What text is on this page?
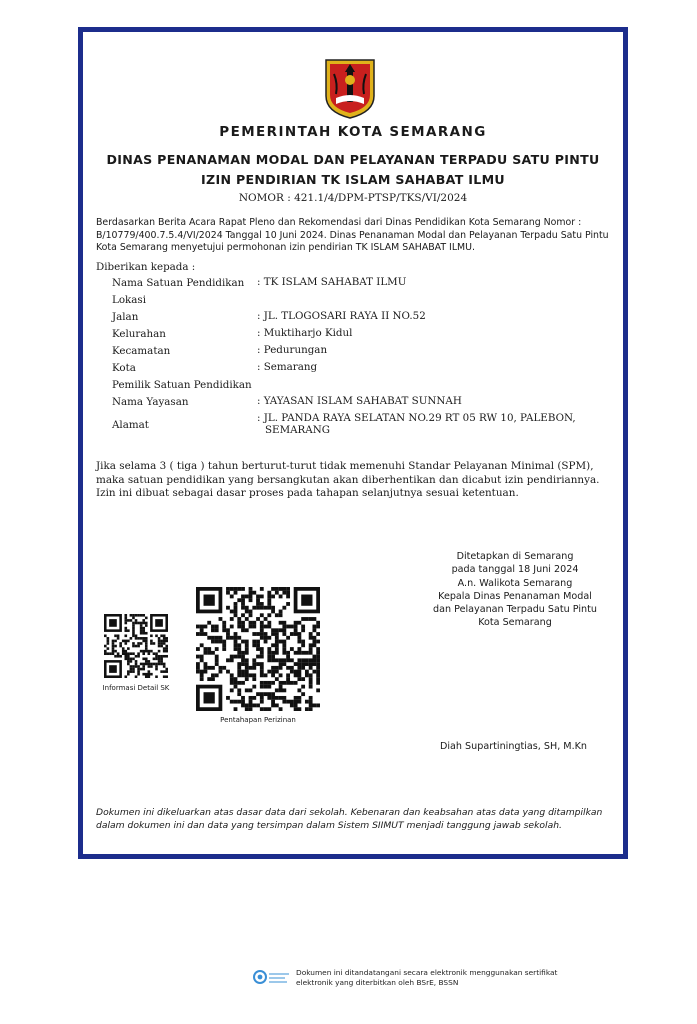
PEMERINTAH KOTA SEMARANG
DINAS PENANAMAN MODAL DAN PELAYANAN TERPADU SATU PINTU
IZIN PENDIRIAN TK ISLAM SAHABAT ILMU
NOMOR : 421.1/4/DPM-PTSP/TKS/VI/2024
Berdasarkan Berita Acara Rapat Pleno dan Rekomendasi dari Dinas Pendidikan Kota Semarang Nomor : B/10779/400.7.5.4/VI/2024 Tanggal 10 Juni 2024. Dinas Penanaman Modal dan Pelayanan Terpadu Satu Pintu Kota Semarang menyetujui permohonan izin pendirian TK ISLAM SAHABAT ILMU.
Diberikan kepada :
Nama Satuan Pendidikan : TK ISLAM SAHABAT ILMU
Lokasi
Jalan	: JL. TLOGOSARI RAYA II NO.52
Kelurahan	: Muktiharjo Kidul
Kecamatan	: Pedurungan
Kota	: Semarang
Pemilik Satuan Pendidikan
Nama Yayasan	: YAYASAN ISLAM SAHABAT SUNNAH
Alamat
: JL. PANDA RAYA SELATAN NO.29 RT 05 RW 10, PALEBON,
SEMARANG
Jika selama 3 ( tiga ) tahun berturut-turut tidak memenuhi Standar Pelayanan Minimal (SPM), maka satuan pendidikan yang bersangkutan akan diberhentikan dan dicabut izin pendiriannya. Izin ini dibuat sebagai dasar proses pada tahapan selanjutnya sesuai ketentuan.
Informasi Detail SK
Pentahapan Perizinan
Ditetapkan di Semarang
pada tanggal 18 Juni 2024
A.n. Walikota Semarang
Kepala Dinas Penanaman Modal
dan Pelayanan Terpadu Satu Pintu
Kota Semarang
Diah Supartiningtias, SH, M.Kn
Dokumen ini dikeluarkan atas dasar data dari sekolah. Kebenaran dan keabsahan atas data yang ditampilkan dalam dokumen ini dan data yang tersimpan dalam Sistem SIIMUT menjadi tanggung jawab sekolah.
Dokumen ini ditandatangani secara elektronik menggunakan sertifikat
elektronik yang diterbitkan oleh BSrE, BSSN
